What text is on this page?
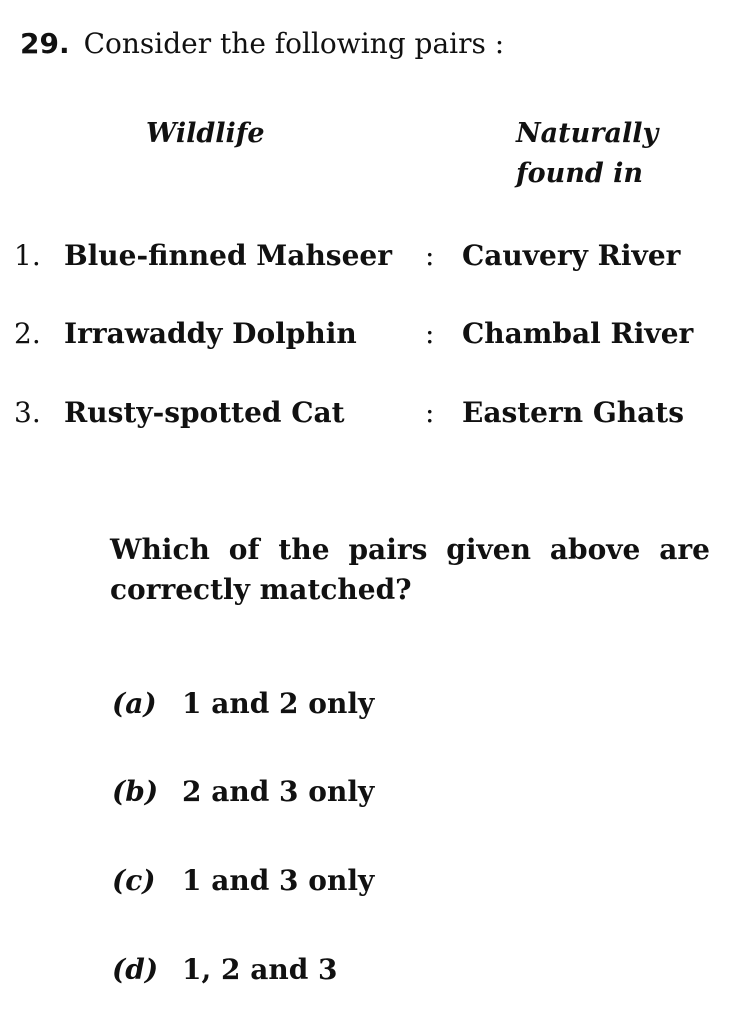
29. Consider the following pairs :
Wildlife	Naturally
found in
1. Blue-finned Mahseer : Cauvery River
2. Irrawaddy Dolphin : Chambal River
3. Rusty-spotted Cat	: Eastern Ghats
Which of the pairs given above are
correctly matched?
(a) 1 and 2 only
(b) 2 and 3 only
(c) 1 and 3 only
(d) 1, 2 and 3
